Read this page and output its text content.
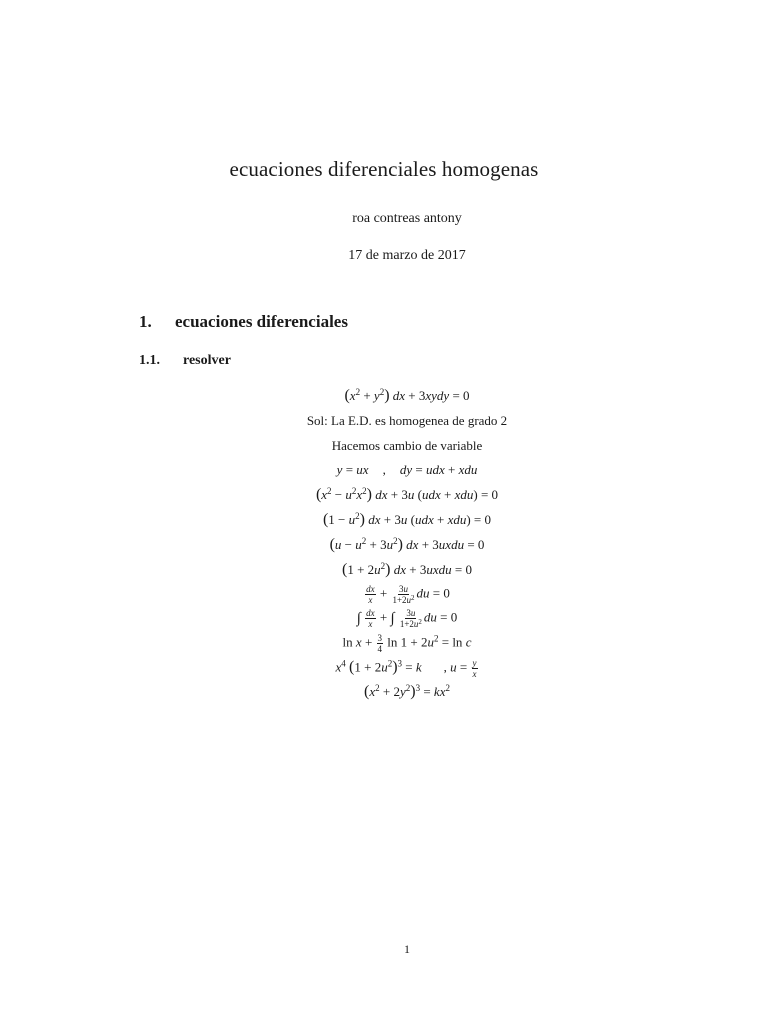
ecuaciones diferenciales homogenas
roa contreas antony
17 de marzo de 2017
1. ecuaciones diferenciales
1.1. resolver
$(x^2 + y^2)$ dx + 3xydy = 0
Sol: La E.D. es homogenea de grado 2
Hacemos cambio de variable
y = ux , dy = udx + xdu
$(x^2 - u^2x^2)$ dx + 3u (udx + xdu) = 0
$(1 - u^2)$ dx + 3u (udx + xdu) = 0
$(u - u^2 + 3u^2)$ dx + 3uxdu = 0
$(1 + 2u^2)$ dx + 3uxdu = 0
$\frac{dx}{x} + \frac{3u}{1+2u^2}$ du = 0
∫ $\frac{dx}{x}$ + ∫ $\frac{3u}{1+2u^2}$ du = 0
$\ln x + \frac{3}{4}$ $\ln 1 + 2u^2 = \ln c$
$x^4$ $(1 + 2u^2)^3 = k$ , $u = \frac{y}{x}$
$(x^2 + 2y^2)^3 = kx^2$
1
